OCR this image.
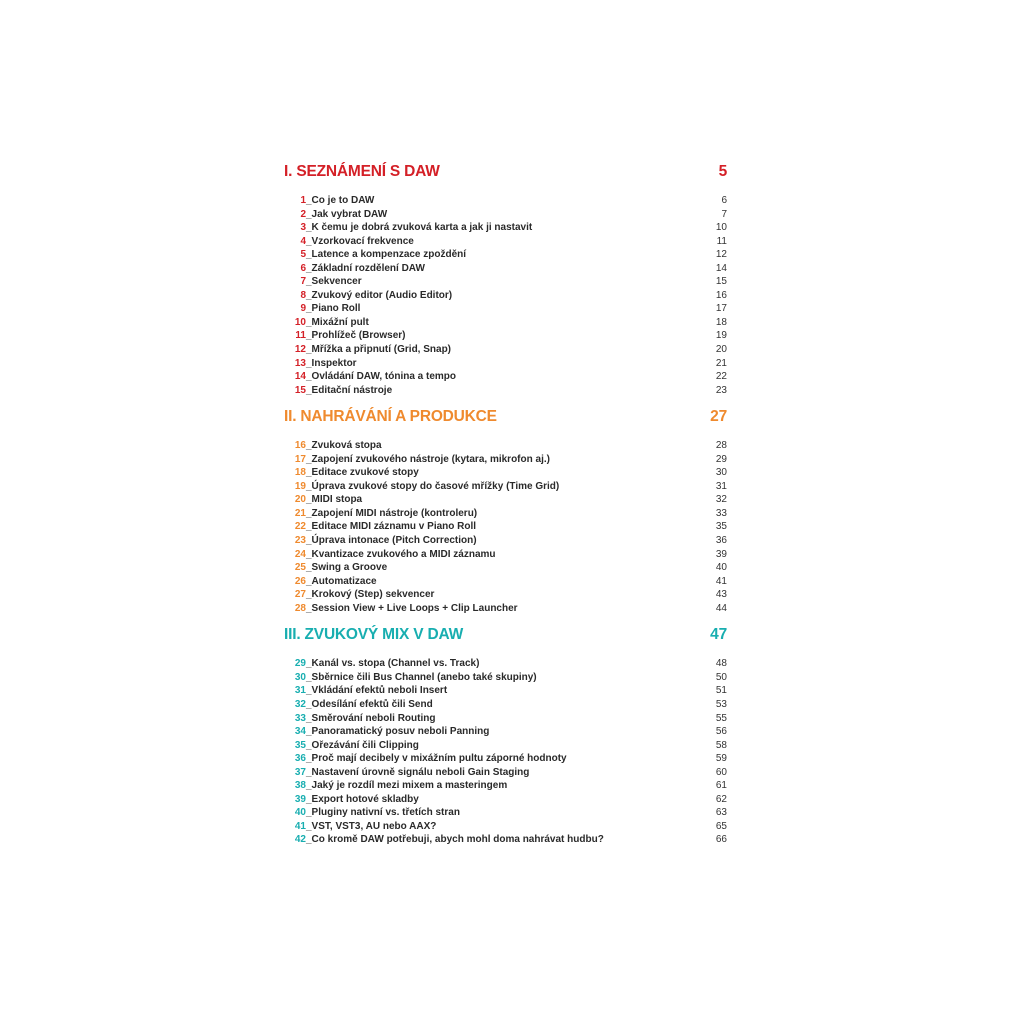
I. SEZNÁMENÍ S DAW	5
1 _Co je to DAW	6
2 _Jak vybrat DAW	7
3 _K čemu je dobrá zvuková karta a jak ji nastavit	10
4 _Vzorkovací frekvence	11
5 _Latence a kompenzace zpoždění	12
6 _Základní rozdělení DAW	14
7 _Sekvencer	15
8 _Zvukový editor (Audio Editor)	16
9 _Piano Roll	17
10 _Mixážní pult	18
11 _Prohlížeč (Browser)	19
12 _Mřížka a připnutí (Grid, Snap)	20
13 _Inspektor	21
14 _Ovládání DAW, tónina a tempo	22
15 _Editační nástroje	23
II. NAHRÁVÁNÍ A PRODUKCE	27
16 _Zvuková stopa	28
17 _Zapojení zvukového nástroje (kytara, mikrofon aj.)	29
18 _Editace zvukové stopy	30
19 _Úprava zvukové stopy do časové mřížky (Time Grid)	31
20 _MIDI stopa	32
21 _Zapojení MIDI nástroje (kontroleru)	33
22 _Editace MIDI záznamu v Piano Roll	35
23 _Úprava intonace (Pitch Correction)	36
24 _Kvantizace zvukového a MIDI záznamu	39
25 _Swing a Groove	40
26 _Automatizace	41
27 _Krokový (Step) sekvencer	43
28 _Session View + Live Loops + Clip Launcher	44
III. ZVUKOVÝ MIX V DAW	47
29 _Kanál vs. stopa (Channel vs. Track)	48
30 _Sběrnice čili Bus Channel (anebo také skupiny)	50
31 _Vkládání efektů neboli Insert	51
32 _Odesílání efektů čili Send	53
33 _Směrování neboli Routing	55
34 _Panoramatický posuv neboli Panning	56
35 _Ořezávání čili Clipping	58
36 _Proč mají decibely v mixážním pultu záporné hodnoty	59
37 _Nastavení úrovně signálu neboli Gain Staging	60
38 _Jaký je rozdíl mezi mixem a masteringem	61
39 _Export hotové skladby	62
40 _Pluginy nativní vs. třetích stran	63
41 _VST, VST3, AU nebo AAX?	65
42 _Co kromě DAW potřebuji, abych mohl doma nahrávat hudbu?	66
